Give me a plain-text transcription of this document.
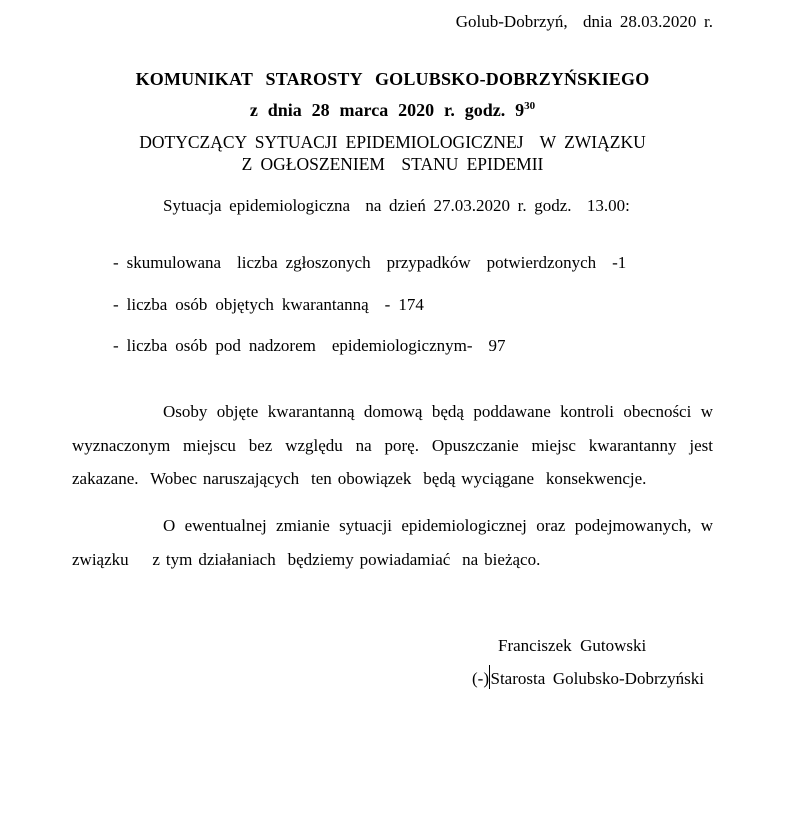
Golub-Dobrzyń,  dnia 28.03.2020 r.
KOMUNIKAT STAROSTY GOLUBSKO-DOBRZYŃSKIEGO
z dnia 28 marca 2020 r. godz. $9^{30}$
DOTYCZĄCY SYTUACJI EPIDEMIOLOGICZNEJ  W ZWIĄZKU
Z OGŁOSZENIEM  STANU EPIDEMII
Sytuacja epidemiologiczna  na dzień 27.03.2020 r. godz.  13.00:
- skumulowana  liczba zgłoszonych  przypadków  potwierdzonych  -1
- liczba osób objętych kwarantanną  - 174
- liczba osób pod nadzorem  epidemiologicznym-  97
Osoby objęte kwarantanną domową będą poddawane kontroli obecności w
wyznaczonym miejscu bez względu na porę. Opuszczanie miejsc kwarantanny jest
zakazane.  Wobec naruszających  ten obowiązek  będą wyciągane  konsekwencje.
O ewentualnej zmianie sytuacji epidemiologicznej oraz podejmowanych, w
związku    z tym działaniach  będziemy powiadamiać  na bieżąco.
Franciszek Gutowski
(-)Starosta Golubsko-Dobrzyński
